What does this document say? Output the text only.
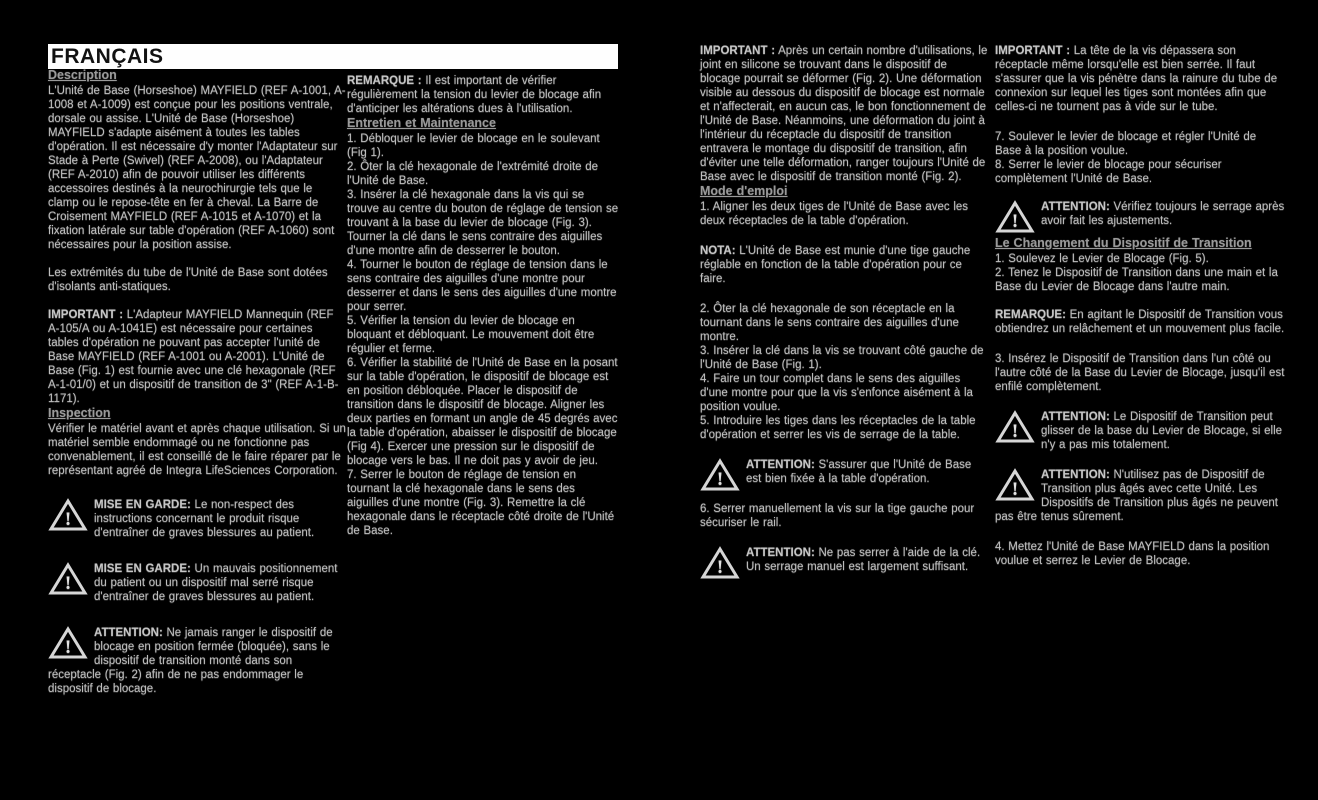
FRANÇAIS
Description

L'Unité de Base (Horseshoe) MAYFIELD (REF A-1001, A-1008 et A-1009) est conçue pour les positions ventrale, dorsale ou assise. L'Unité de Base (Horseshoe) MAYFIELD s'adapte aisément à toutes les tables d'opération. Il est nécessaire d'y monter l'Adaptateur sur Stade à Perte (Swivel) (REF A-2008), ou l'Adaptateur (REF A-2010) afin de pouvoir utiliser les différents accessoires destinés à la neurochirurgie tels que le clamp ou le repose-tête en fer à cheval. La Barre de Croisement MAYFIELD (REF A-1015 et A-1070) et la fixation latérale sur table d'opération (REF A-1060) sont nécessaires pour la position assise.

Les extrémités du tube de l'Unité de Base sont dotées d'isolants anti-statiques.

IMPORTANT : L'Adapteur MAYFIELD Mannequin (REF A-105/A ou A-1041E) est nécessaire pour certaines tables d'opération ne pouvant pas accepter l'unité de Base MAYFIELD (REF A-1001 ou A-2001). L'Unité de Base (Fig. 1) est fournie avec une clé hexagonale (REF A-1-01/0) et un dispositif de transition de 3" (REF A-1-B-1171).

Inspection

Vérifier le matériel avant et après chaque utilisation. Si un matériel semble endommagé ou ne fonctionne pas convenablement, il est conseillé de le faire réparer par le représentant agréé de Integra LifeSciences Corporation.

!
MISE EN GARDE: Le non-respect des instructions concernant le produit risque d'entraîner de graves blessures au patient.
!
MISE EN GARDE: Un mauvais positionnement du patient ou un dispositif mal serré risque d'entraîner de graves blessures au patient.
!
ATTENTION: Ne jamais ranger le dispositif de blocage en position fermée (bloquée), sans le dispositif de transition monté dans son réceptacle (Fig. 2) afin de ne pas endommager le dispositif de blocage.

REMARQUE : Il est important de vérifier régulièrement la tension du levier de blocage afin d'anticiper les altérations dues à l'utilisation.

Entretien et Maintenance

1. Débloquer le levier de blocage en le soulevant (Fig 1).

2. Ôter la clé hexagonale de l'extrémité droite de l'Unité de Base.

3. Insérer la clé hexagonale dans la vis qui se trouve au centre du bouton de réglage de tension se trouvant à la base du levier de blocage (Fig. 3). Tourner la clé dans le sens contraire des aiguilles d'une montre afin de desserrer le bouton.

4. Tourner le bouton de réglage de tension dans le sens contraire des aiguilles d'une montre pour desserrer et dans le sens des aiguilles d'une montre pour serrer.

5. Vérifier la tension du levier de blocage en bloquant et débloquant. Le mouvement doit être régulier et ferme.

6. Vérifier la stabilité de l'Unité de Base en la posant sur la table d'opération, le dispositif de blocage est en position débloquée. Placer le dispositif de transition dans le dispositif de blocage. Aligner les deux parties en formant un angle de 45 degrés avec la table d'opération, abaisser le dispositif de blocage (Fig 4). Exercer une pression sur le dispositif de blocage vers le bas. Il ne doit pas y avoir de jeu.

7. Serrer le bouton de réglage de tension en tournant la clé hexagonale dans le sens des aiguilles d'une montre (Fig. 3). Remettre la clé hexagonale dans le réceptacle côté droite de l'Unité de Base.

IMPORTANT : Après un certain nombre d'utilisations, le joint en silicone se trouvant dans le dispositif de blocage pourrait se déformer (Fig. 2). Une déformation visible au dessous du dispositif de blocage est normale et n'affecterait, en aucun cas, le bon fonctionnement de l'Unité de Base. Néanmoins, une déformation du joint à l'intérieur du réceptacle du dispositif de transition entravera le montage du dispositif de transition, afin d'éviter une telle déformation, ranger toujours l'Unité de Base avec le dispositif de transition monté (Fig. 2).

Mode d'emploi

1. Aligner les deux tiges de l'Unité de Base avec les deux réceptacles de la table d'opération.

NOTA: L'Unité de Base est munie d'une tige gauche réglable en fonction de la table d'opération pour ce faire.

2. Ôter la clé hexagonale de son réceptacle en la tournant dans le sens contraire des aiguilles d'une montre.

3. Insérer la clé dans la vis se trouvant côté gauche de l'Unité de Base (Fig. 1).

4. Faire un tour complet dans le sens des aiguilles d'une montre pour que la vis s'enfonce aisément à la position voulue.

5. Introduire les tiges dans les réceptacles de la table d'opération et serrer les vis de serrage de la table.

!
ATTENTION: S'assurer que l'Unité de Base est bien fixée à la table d'opération.

6. Serrer manuellement la vis sur la tige gauche pour sécuriser le rail.

!
ATTENTION: Ne pas serrer à l'aide de la clé. Un serrage manuel est largement suffisant.

IMPORTANT : La tête de la vis dépassera son réceptacle même lorsqu'elle est bien serrée. Il faut s'assurer que la vis pénètre dans la rainure du tube de connexion sur lequel les tiges sont montées afin que celles-ci ne tournent pas à vide sur le tube.

7. Soulever le levier de blocage et régler l'Unité de Base à la position voulue.

8. Serrer le levier de blocage pour sécuriser complètement l'Unité de Base.

!
ATTENTION: Vérifiez toujours le serrage après avoir fait les ajustements.
Le Changement du Dispositif de Transition

1. Soulevez le Levier de Blocage (Fig. 5).

2. Tenez le Dispositif de Transition dans une main et la Base du Levier de Blocage dans l'autre main.

REMARQUE: En agitant le Dispositif de Transition vous obtiendrez un relâchement et un mouvement plus facile.

3. Insérez le Dispositif de Transition dans l'un côté ou l'autre côté de la Base du Levier de Blocage, jusqu'il est enfilé complètement.

!
ATTENTION: Le Dispositif de Transition peut glisser de la base du Levier de Blocage, si elle n'y a pas mis totalement.
!
ATTENTION: N'utilisez pas de Dispositif de Transition plus âgés avec cette Unité. Les Dispositifs de Transition plus âgés ne peuvent pas être tenus sûrement.

4. Mettez l'Unité de Base MAYFIELD dans la position voulue et serrez le Levier de Blocage.
